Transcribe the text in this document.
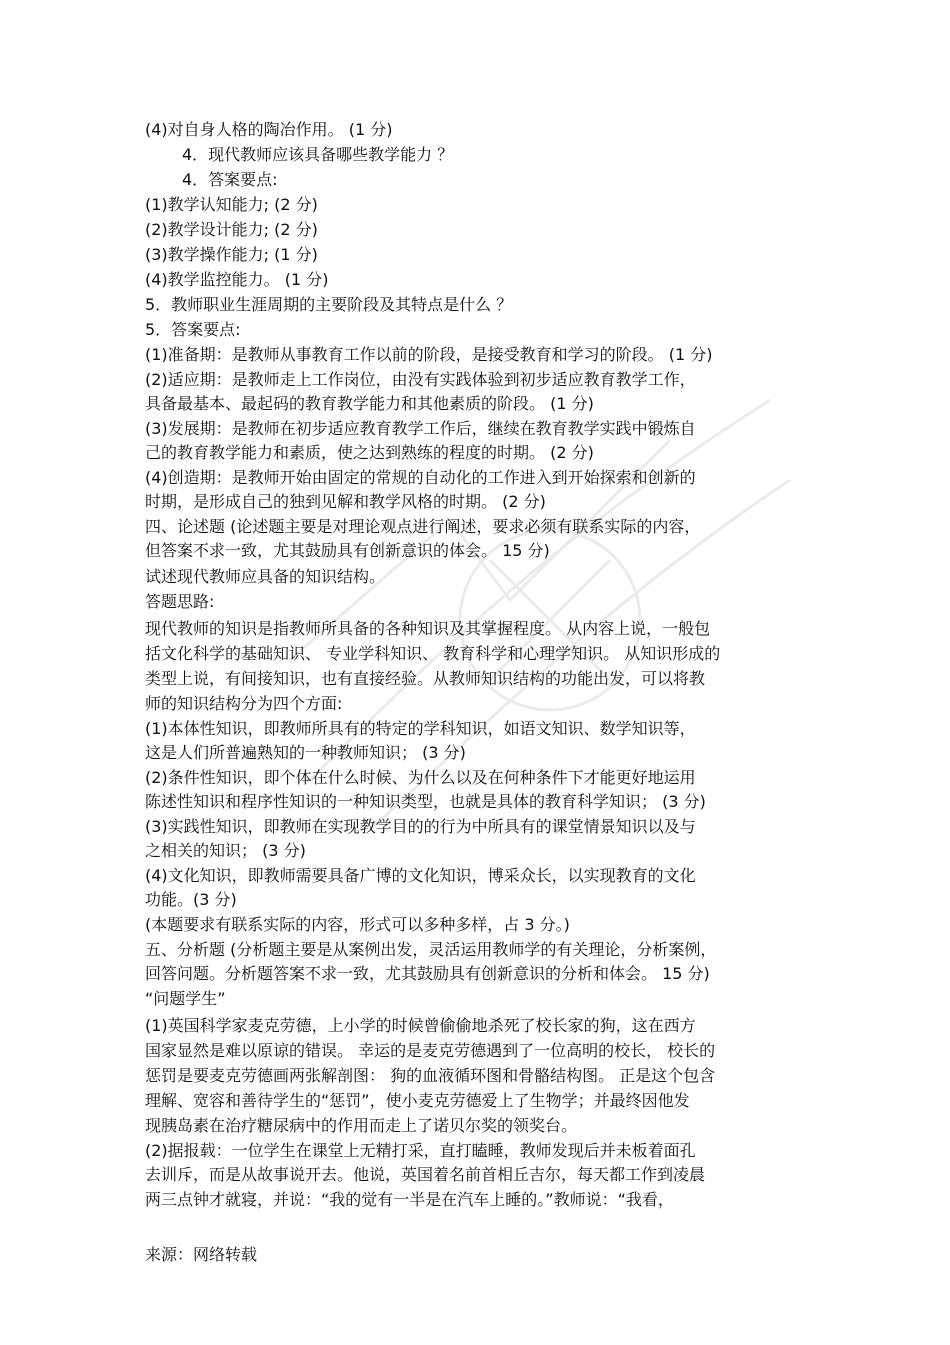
(4)对自身人格的陶冶作用。 (1 分)
4．现代教师应该具备哪些教学能力 ？
4．答案要点:
(1)教学认知能力; (2 分)
(2)教学设计能力; (2 分)
(3)教学操作能力; (1 分)
(4)教学监控能力。 (1 分)
5．教师职业生涯周期的主要阶段及其特点是什么 ？
5．答案要点:
(1)准备期：是教师从事教育工作以前的阶段，是接受教育和学习的阶段。 (1 分)
(2)适应期：是教师走上工作岗位，由没有实践体验到初步适应教育教学工作，
具备最基本、最起码的教育教学能力和其他素质的阶段。 (1 分)
(3)发展期：是教师在初步适应教育教学工作后，继续在教育教学实践中锻炼自
己的教育教学能力和素质，使之达到熟练的程度的时期。 (2 分)
(4)创造期：是教师开始由固定的常规的自动化的工作进入到开始探索和创新的
时期，是形成自己的独到见解和教学风格的时期。 (2 分)
四、论述题 (论述题主要是对理论观点进行阐述，要求必须有联系实际的内容，
但答案不求一致，尤其鼓励具有创新意识的体会。 15 分)
试述现代教师应具备的知识结构。
答题思路:
现代教师的知识是指教师所具备的各种知识及其掌握程度。 从内容上说，一般包
括文化科学的基础知识、 专业学科知识、 教育科学和心理学知识。 从知识形成的
类型上说，有间接知识，也有直接经验。从教师知识结构的功能出发，可以将教
师的知识结构分为四个方面:
(1)本体性知识，即教师所具有的特定的学科知识，如语文知识、数学知识等，
这是人们所普遍熟知的一种教师知识； (3 分)
(2)条件性知识，即个体在什么时候、为什么以及在何种条件下才能更好地运用
陈述性知识和程序性知识的一种知识类型，也就是具体的教育科学知识； (3 分)
(3)实践性知识，即教师在实现教学目的的行为中所具有的课堂情景知识以及与
之相关的知识； (3 分)
(4)文化知识，即教师需要具备广博的文化知识，博采众长，以实现教育的文化
功能。(3 分)
(本题要求有联系实际的内容，形式可以多种多样，占 3 分。)
五、分析题 (分析题主要是从案例出发，灵活运用教师学的有关理论，分析案例，
回答问题。分析题答案不求一致，尤其鼓励具有创新意识的分析和体会。 15 分)
“问题学生”
(1)英国科学家麦克劳德，上小学的时候曾偷偷地杀死了校长家的狗，这在西方
国家显然是难以原谅的错误。 幸运的是麦克劳德遇到了一位高明的校长， 校长的
惩罚是要麦克劳德画两张解剖图： 狗的血液循环图和骨骼结构图。 正是这个包含
理解、宽容和善待学生的“惩罚”，使小麦克劳德爱上了生物学；并最终因他发
现胰岛素在治疗糖尿病中的作用而走上了诺贝尔奖的领奖台。
(2)据报载：一位学生在课堂上无精打采，直打瞌睡，教师发现后并未板着面孔
去训斥，而是从故事说开去。他说，英国着名前首相丘吉尔，每天都工作到凌晨
两三点钟才就寝，并说：“我的觉有一半是在汽车上睡的。”教师说：“我看，
来源：网络转载
